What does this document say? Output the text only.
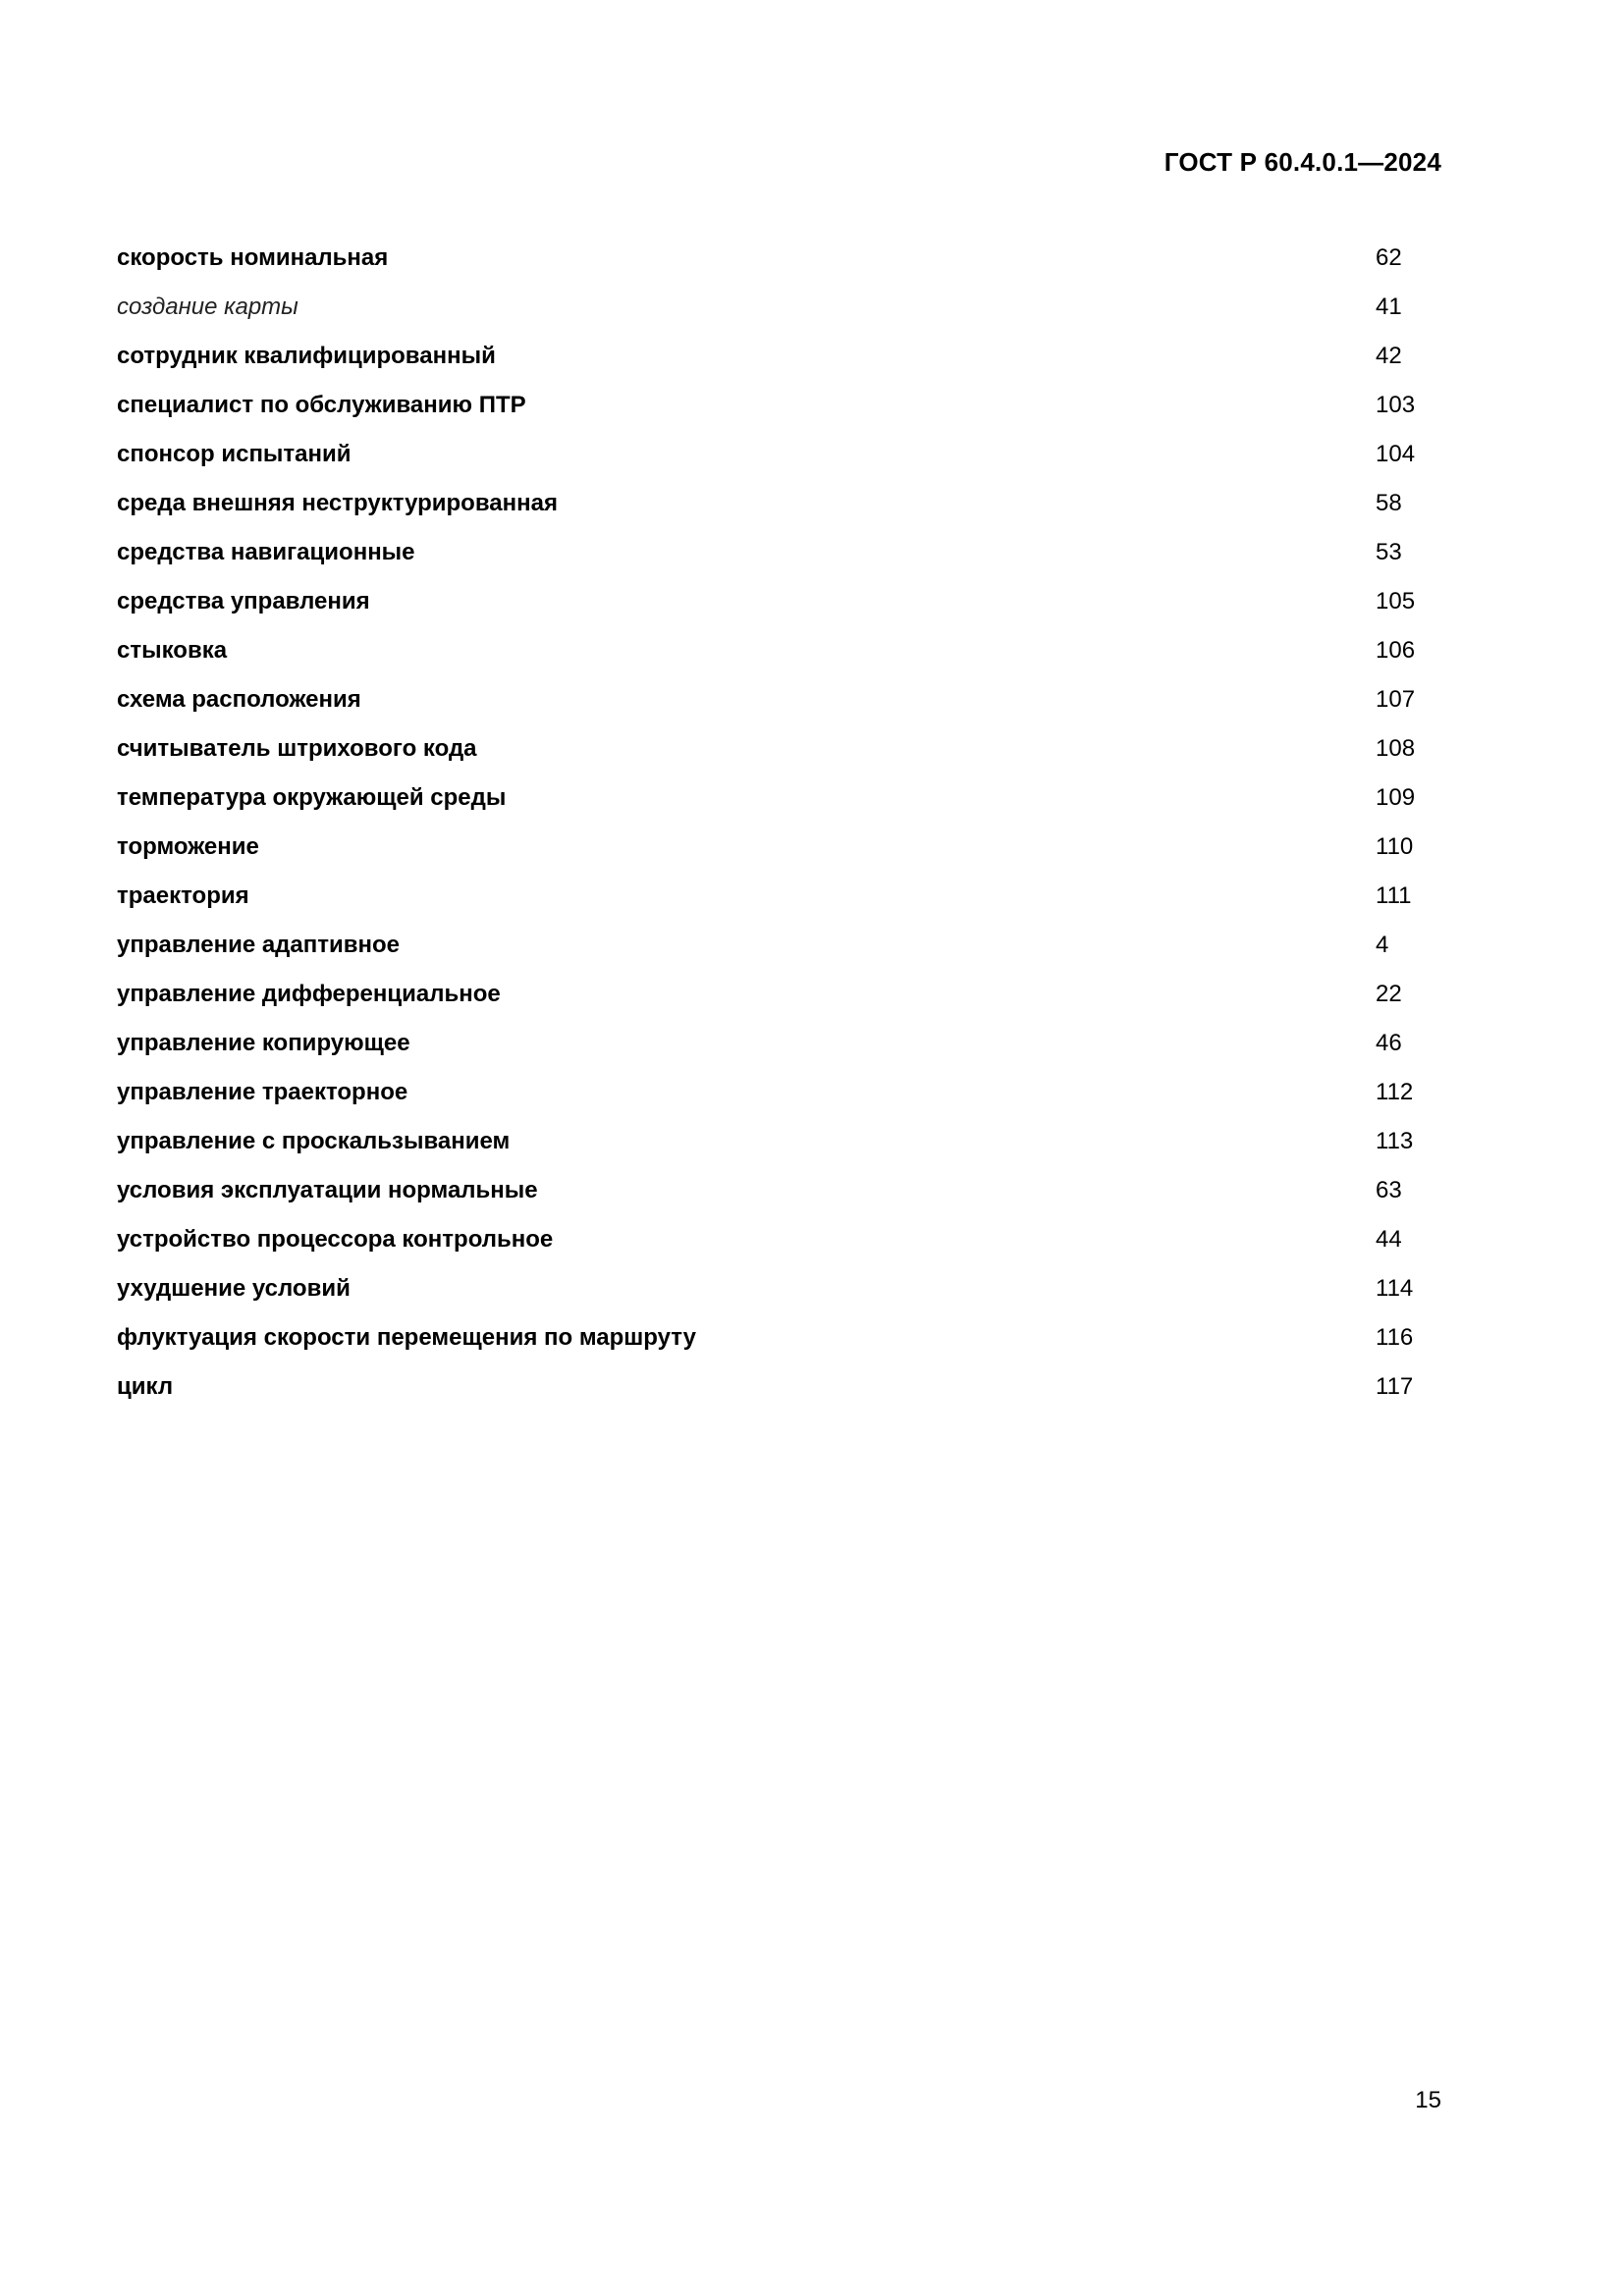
ГОСТ Р 60.4.0.1—2024
скорость номинальная	62
создание карты	41
сотрудник квалифицированный	42
специалист по обслуживанию ПТР	103
спонсор испытаний	104
среда внешняя неструктурированная	58
средства навигационные	53
средства управления	105
стыковка	106
схема расположения	107
считыватель штрихового кода	108
температура окружающей среды	109
торможение	110
траектория	111
управление адаптивное	4
управление дифференциальное	22
управление копирующее	46
управление траекторное	112
управление с проскальзыванием	113
условия эксплуатации нормальные	63
устройство процессора контрольное	44
ухудшение условий	114
флуктуация скорости перемещения по маршруту	116
цикл	117
15
